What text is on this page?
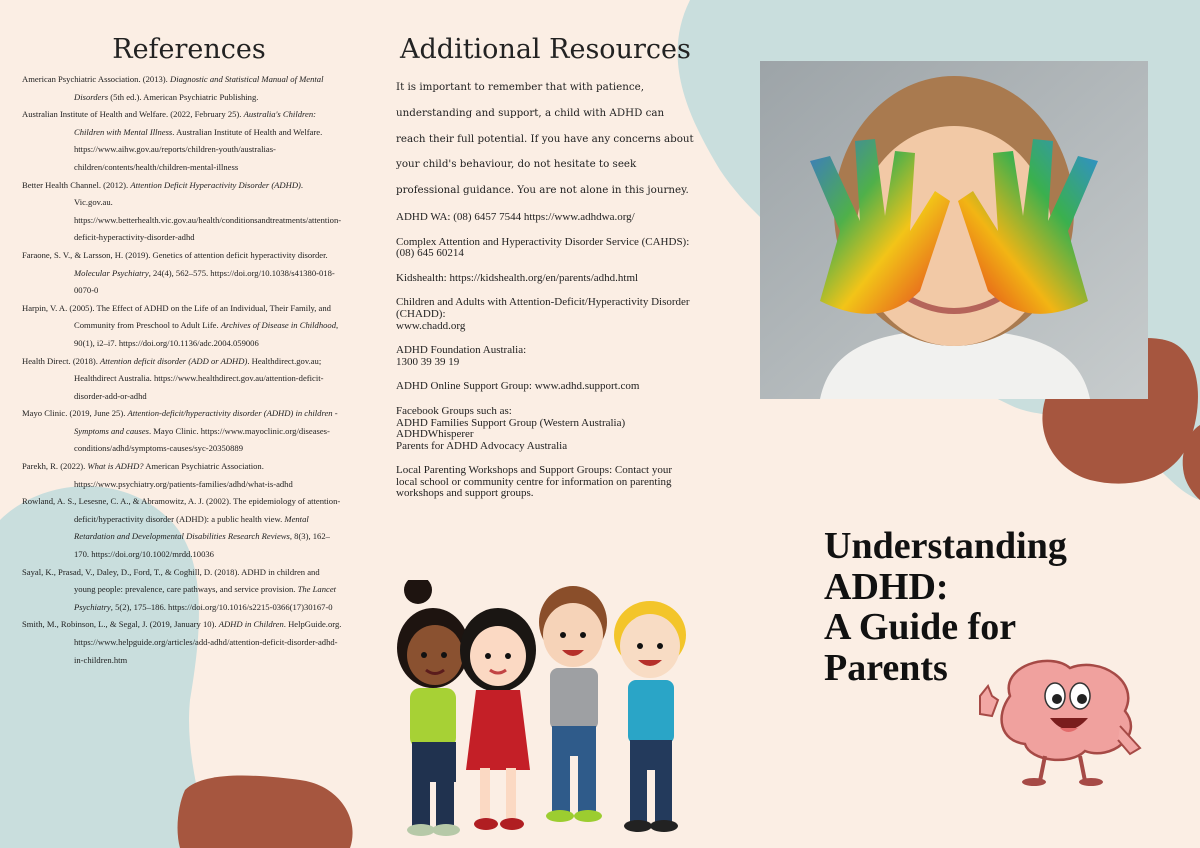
References

American Psychiatric Association. (2013). Diagnostic and Statistical Manual of Mental Disorders (5th ed.). American Psychiatric Publishing.

Australian Institute of Health and Welfare. (2022, February 25). Australia's Children: Children with Mental Illness. Australian Institute of Health and Welfare. https://www.aihw.gov.au/reports/children-youth/australias-children/contents/health/children-mental-illness

Better Health Channel. (2012). Attention Deficit Hyperactivity Disorder (ADHD). Vic.gov.au. https://www.betterhealth.vic.gov.au/health/conditionsandtreatments/attention-deficit-hyperactivity-disorder-adhd

Faraone, S. V., & Larsson, H. (2019). Genetics of attention deficit hyperactivity disorder. Molecular Psychiatry, 24(4), 562–575. https://doi.org/10.1038/s41380-018-0070-0

Harpin, V. A. (2005). The Effect of ADHD on the Life of an Individual, Their Family, and Community from Preschool to Adult Life. Archives of Disease in Childhood, 90(1), i2–i7. https://doi.org/10.1136/adc.2004.059006

Health Direct. (2018). Attention deficit disorder (ADD or ADHD). Healthdirect.gov.au; Healthdirect Australia. https://www.healthdirect.gov.au/attention-deficit-disorder-add-or-adhd

Mayo Clinic. (2019, June 25). Attention-deficit/hyperactivity disorder (ADHD) in children - Symptoms and causes. Mayo Clinic. https://www.mayoclinic.org/diseases-conditions/adhd/symptoms-causes/syc-20350889

Parekh, R. (2022). What is ADHD? American Psychiatric Association. https://www.psychiatry.org/patients-families/adhd/what-is-adhd

Rowland, A. S., Lesesne, C. A., & Abramowitz, A. J. (2002). The epidemiology of attention-deficit/hyperactivity disorder (ADHD): a public health view. Mental Retardation and Developmental Disabilities Research Reviews, 8(3), 162–170. https://doi.org/10.1002/mrdd.10036

Sayal, K., Prasad, V., Daley, D., Ford, T., & Coghill, D. (2018). ADHD in children and young people: prevalence, care pathways, and service provision. The Lancet Psychiatry, 5(2), 175–186. https://doi.org/10.1016/s2215-0366(17)30167-0

Smith, M., Robinson, L., & Segal, J. (2019, January 10). ADHD in Children. HelpGuide.org. https://www.helpguide.org/articles/add-adhd/attention-deficit-disorder-adhd-in-children.htm

Additional Resources

It is important to remember that with patience, understanding and support, a child with ADHD can reach their full potential. If you have any concerns about your child's behaviour, do not hesitate to seek professional guidance. You are not alone in this journey.

ADHD WA: (08) 6457 7544 https://www.adhdwa.org/
Complex Attention and Hyperactivity Disorder Service (CAHDS): (08) 645 60214
Kidshealth: https://kidshealth.org/en/parents/adhd.html
Children and Adults with Attention-Deficit/Hyperactivity Disorder (CHADD):
www.chadd.org
ADHD Foundation Australia:
1300 39 39 19
ADHD Online Support Group: www.adhd.support.com
Facebook Groups such as:
ADHD Families Support Group (Western Australia)
ADHDWhisperer
Parents for ADHD Advocacy Australia
Local Parenting Workshops and Support Groups: Contact your local school or community centre for information on parenting workshops and support groups.
Understanding
ADHD:
A Guide for
Parents
